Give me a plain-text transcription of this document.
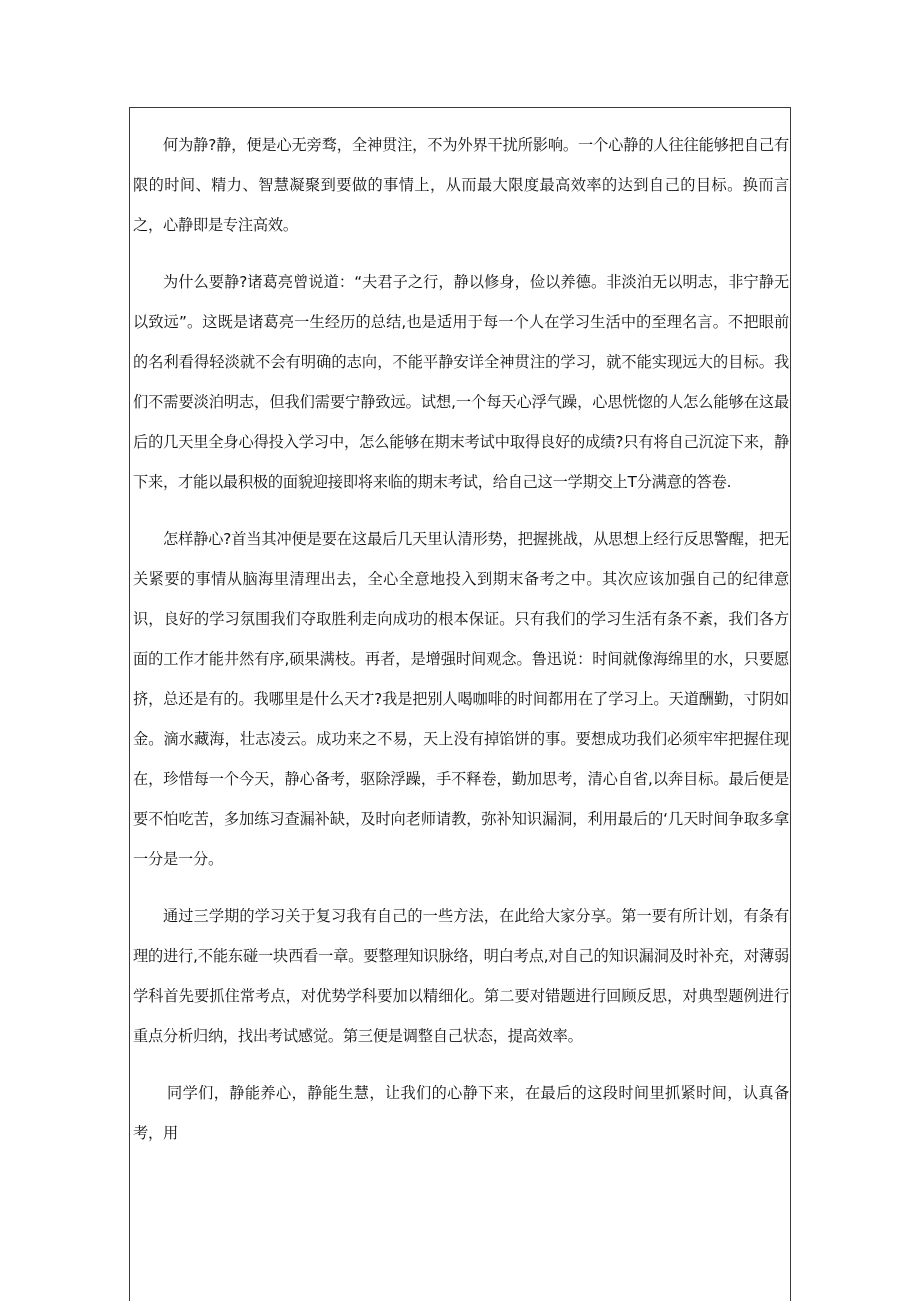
何为静?静，便是心无旁骛，全神贯注，不为外界干扰所影响。一个心静的人往往能够把自己有限的时间、精力、智慧凝聚到要做的事情上，从而最大限度最高效率的达到自己的目标。换而言之，心静即是专注高效。

为什么要静?诸葛亮曾说道：“夫君子之行，静以修身，俭以养德。非淡泊无以明志，非宁静无以致远”。这既是诸葛亮一生经历的总结,也是适用于每一个人在学习生活中的至理名言。不把眼前的名利看得轻淡就不会有明确的志向，不能平静安详全神贯注的学习，就不能实现远大的目标。我们不需要淡泊明志，但我们需要宁静致远。试想,一个每天心浮气躁，心思恍惚的人怎么能够在这最后的几天里全身心得投入学习中，怎么能够在期末考试中取得良好的成绩?只有将自己沉淀下来，静下来，才能以最积极的面貌迎接即将来临的期末考试，给自己这一学期交上T分满意的答卷.

怎样静心?首当其冲便是要在这最后几天里认清形势，把握挑战，从思想上经行反思警醒，把无关紧要的事情从脑海里清理出去，全心全意地投入到期末备考之中。其次应该加强自己的纪律意识，良好的学习氛围我们夺取胜利走向成功的根本保证。只有我们的学习生活有条不紊，我们各方面的工作才能井然有序,硕果满枝。再者，是增强时间观念。鲁迅说：时间就像海绵里的水，只要愿挤，总还是有的。我哪里是什么天才?我是把别人喝咖啡的时间都用在了学习上。天道酬勤，寸阴如金。滴水藏海，壮志凌云。成功来之不易，天上没有掉馅饼的事。要想成功我们必须牢牢把握住现在，珍惜每一个今天，静心备考，驱除浮躁，手不释卷，勤加思考，清心自省,以奔目标。最后便是要不怕吃苦，多加练习查漏补缺，及时向老师请教，弥补知识漏洞，利用最后的‘几天时间争取多拿一分是一分。

通过三学期的学习关于复习我有自己的一些方法，在此给大家分享。第一要有所计划，有条有理的进行,不能东碰一块西看一章。要整理知识脉络，明白考点,对自己的知识漏洞及时补充，对薄弱学科首先要抓住常考点，对优势学科要加以精细化。第二要对错题进行回顾反思，对典型题例进行重点分析归纳，找出考试感觉。第三便是调整自己状态，提高效率。

同学们，静能养心，静能生慧，让我们的心静下来，在最后的这段时间里抓紧时间，认真备考，用
